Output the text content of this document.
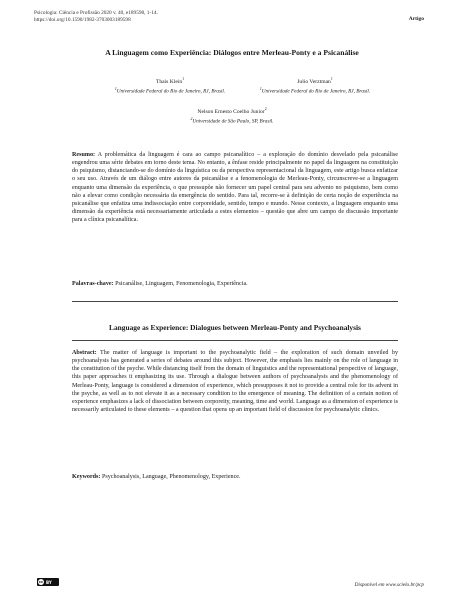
Psicologia: Ciência e Profissão 2020 v. 40, e189598, 1-14.
https://doi.org/10.1590/1982-3703003189598	Artigo
A Linguagem como Experiência: Diálogos entre Merleau-Ponty e a Psicanálise
Thais Klein$^1$
$^1$Universidade Federal do Rio de Janeiro, RJ, Brasil.
Julio Verztman$^1$
$^1$Universidade Federal do Rio de Janeiro, RJ, Brasil.
Nelson Ernesto Coelho Junior$^2$
$^2$Universidade de São Paulo, SP, Brasil.
Resumo: A problemática da linguagem é cara ao campo psicanalítico – a exploração do domínio desvelado pela psicanálise engendrou uma série debates em torno deste tema. No entanto, a ênfase reside principalmente no papel da linguagem na constituição do psiquismo, distanciando-se do domínio da linguística ou da perspectiva representacional da linguagem, este artigo busca enfatizar o seu uso. Através de um diálogo entre autores da psicanálise e a fenomenologia de Merleau-Ponty, circunscreve-se a linguagem enquanto uma dimensão da experiência, o que pressupõe não fornecer um papel central para seu advento no psiquismo, bem como não a elevar como condição necessária da emergência do sentido. Para tal, recorre-se à definição de certa noção de experiência na psicanálise que enfatiza uma indissociação entre corporeidade, sentido, tempo e mundo. Nesse contexto, a linguagem enquanto uma dimensão da experiência está necessariamente articulada a estes elementos – questão que abre um campo de discussão importante para a clínica psicanalítica.
Palavras-chave: Psicanálise, Linguagem, Fenomenologia, Experiência.
Language as Experience: Dialogues between Merleau-Ponty and Psychoanalysis
Abstract: The matter of language is important to the psychoanalytic field – the exploration of such domain unveiled by psychoanalysis has generated a series of debates around this subject. However, the emphasis lies mainly on the role of language in the constitution of the psyche. While distancing itself from the domain of linguistics and the representational perspective of language, this paper approaches it emphasizing its use. Through a dialogue between authors of psychoanalysis and the phenomenology of Merleau-Ponty, language is considered a dimension of experience, which presupposes it not to provide a central role for its advent in the psyche, as well as to not elevate it as a necessary condition to the emergence of meaning. The definition of a certain notion of experience emphasizes a lack of dissociation between corporeity, meaning, time and world. Language as a dimension of experience is necessarily articulated to these elements – a question that opens up an important field of discussion for psychoanalytic clinics.
Keywords: Psychoanalysis, Language, Phenomenology, Experience.
cc BY	Disponível em www.scielo.br/pcp
